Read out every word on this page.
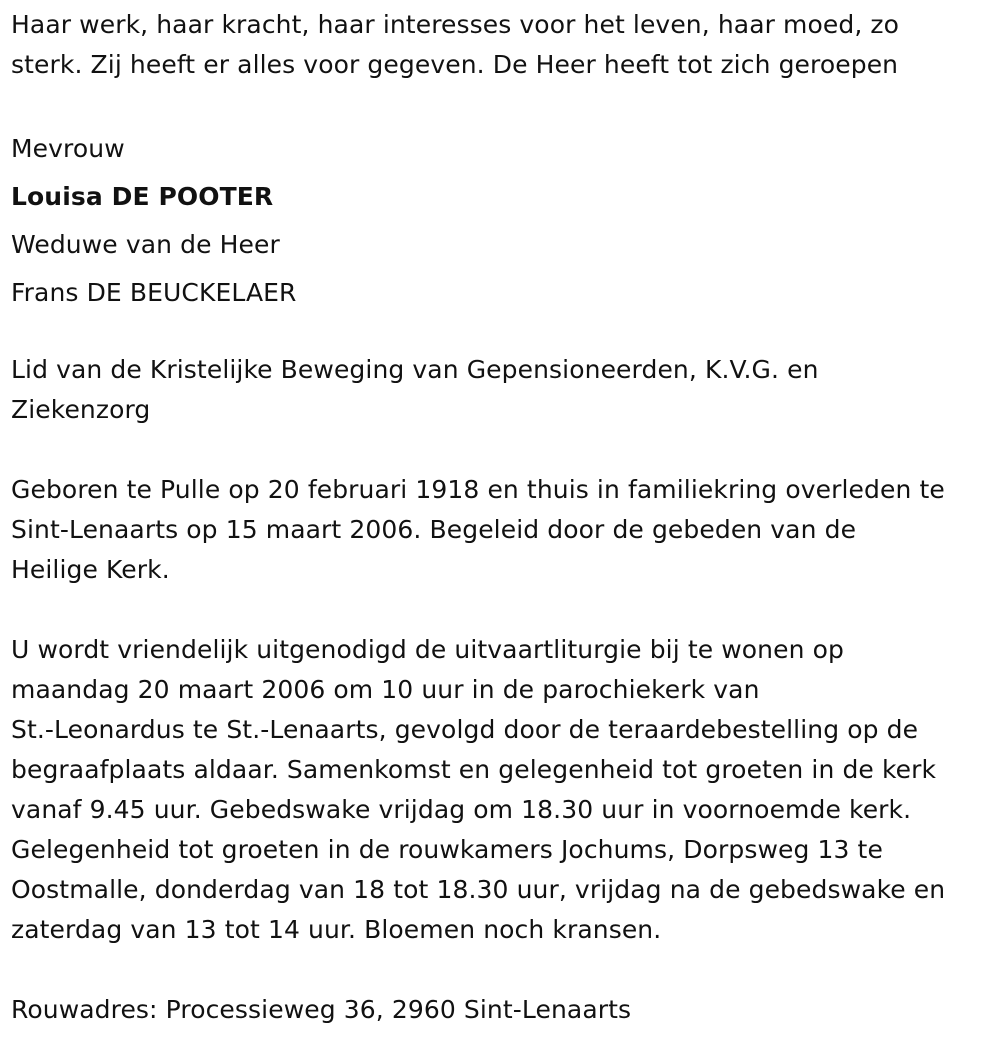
Haar werk, haar kracht, haar interesses voor het leven, haar moed, zo
sterk. Zij heeft er alles voor gegeven. De Heer heeft tot zich geroepen
Mevrouw
Louisa DE POOTER
Weduwe van de Heer
Frans DE BEUCKELAER
Lid van de Kristelijke Beweging van Gepensioneerden, K.V.G. en
Ziekenzorg
Geboren te Pulle op 20 februari 1918 en thuis in familiekring overleden te
Sint-Lenaarts op 15 maart 2006. Begeleid door de gebeden van de
Heilige Kerk.
U wordt vriendelijk uitgenodigd de uitvaartliturgie bij te wonen op
maandag 20 maart 2006 om 10 uur in de parochiekerk van
St.-Leonardus te St.-Lenaarts, gevolgd door de teraardebestelling op de
begraafplaats aldaar. Samenkomst en gelegenheid tot groeten in de kerk
vanaf 9.45 uur. Gebedswake vrijdag om 18.30 uur in voornoemde kerk.
Gelegenheid tot groeten in de rouwkamers Jochums, Dorpsweg 13 te
Oostmalle, donderdag van 18 tot 18.30 uur, vrijdag na de gebedswake en
zaterdag van 13 tot 14 uur. Bloemen noch kransen.
Rouwadres: Processieweg 36, 2960 Sint-Lenaarts
